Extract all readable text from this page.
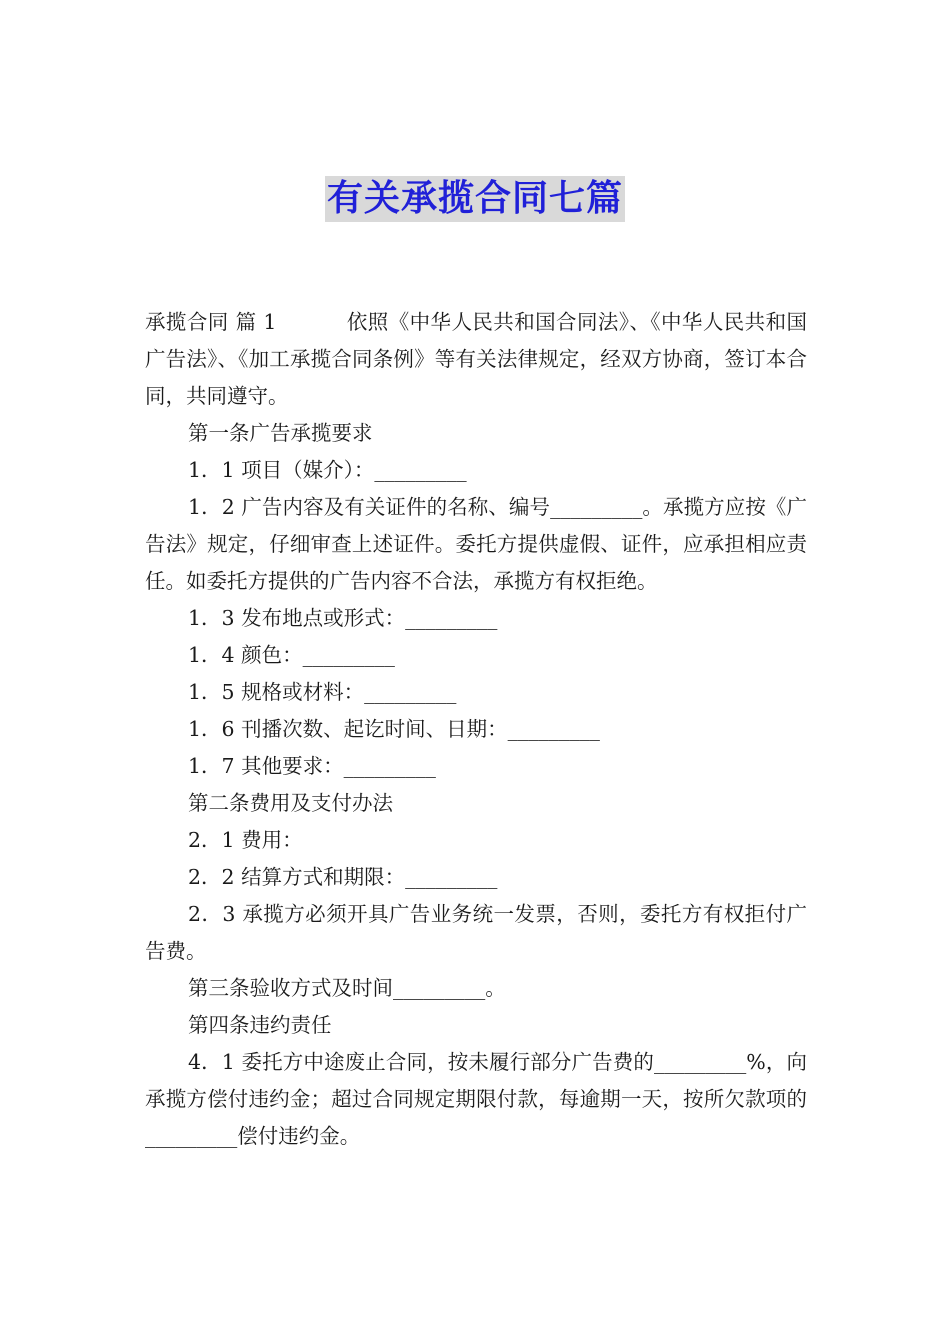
有关承揽合同七篇

承揽合同 篇 1	依照《中华人民共和国合同法》、《中华人民共和国广告法》、《加工承揽合同条例》等有关法律规定，经双方协商，签订本合同，共同遵守。

第一条广告承揽要求

1．1 项目（媒介）：_________

1．2 广告内容及有关证件的名称、编号_________。承揽方应按《广告法》规定，仔细审查上述证件。委托方提供虚假、证件，应承担相应责任。如委托方提供的广告内容不合法，承揽方有权拒绝。

1．3 发布地点或形式：_________

1．4 颜色：_________

1．5 规格或材料：_________

1．6 刊播次数、起讫时间、日期：_________

1．7 其他要求：_________

第二条费用及支付办法

2．1 费用：

2．2 结算方式和期限：_________

2．3 承揽方必须开具广告业务统一发票，否则，委托方有权拒付广告费。

第三条验收方式及时间_________。

第四条违约责任

4．1 委托方中途废止合同，按未履行部分广告费的_________%，向承揽方偿付违约金；超过合同规定期限付款，每逾期一天，按所欠款项的_________偿付违约金。
